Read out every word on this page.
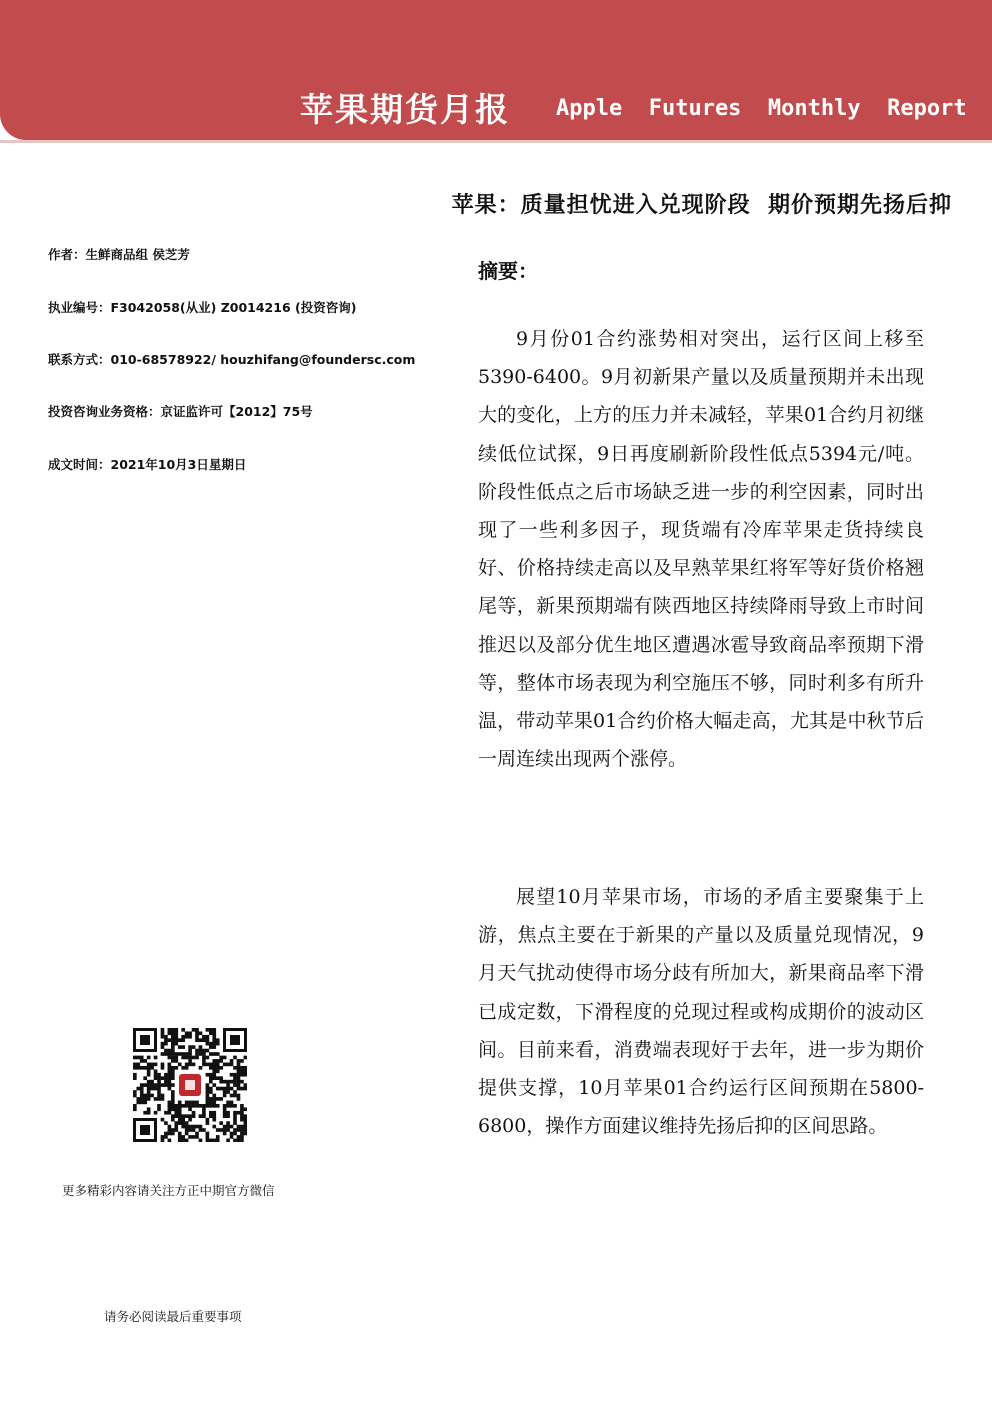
苹果期货月报 Apple  Futures  Monthly  Report
苹果：质量担忧进入兑现阶段  期价预期先扬后抑
作者：生鲜商品组 侯芝芳
执业编号：F3042058(从业) Z0014216 (投资咨询)
联系方式：010-68578922/ houzhifang@foundersc.com
投资咨询业务资格：京证监许可【2012】75号
成文时间：2021年10月3日星期日
摘要：

9月份01合约涨势相对突出，运行区间上移至5390-6400。9月初新果产量以及质量预期并未出现大的变化，上方的压力并未减轻，苹果01合约月初继续低位试探，9日再度刷新阶段性低点5394元/吨。阶段性低点之后市场缺乏进一步的利空因素，同时出现了一些利多因子，现货端有冷库苹果走货持续良好、价格持续走高以及早熟苹果红将军等好货价格翘尾等，新果预期端有陕西地区持续降雨导致上市时间推迟以及部分优生地区遭遇冰雹导致商品率预期下滑等，整体市场表现为利空施压不够，同时利多有所升温，带动苹果01合约价格大幅走高，尤其是中秋节后一周连续出现两个涨停。

展望10月苹果市场，市场的矛盾主要聚集于上游，焦点主要在于新果的产量以及质量兑现情况，9月天气扰动使得市场分歧有所加大，新果商品率下滑已成定数，下滑程度的兑现过程或构成期价的波动区间。目前来看，消费端表现好于去年，进一步为期价提供支撑，10月苹果01合约运行区间预期在5800-6800，操作方面建议维持先扬后抑的区间思路。

更多精彩内容请关注方正中期官方微信
请务必阅读最后重要事项
